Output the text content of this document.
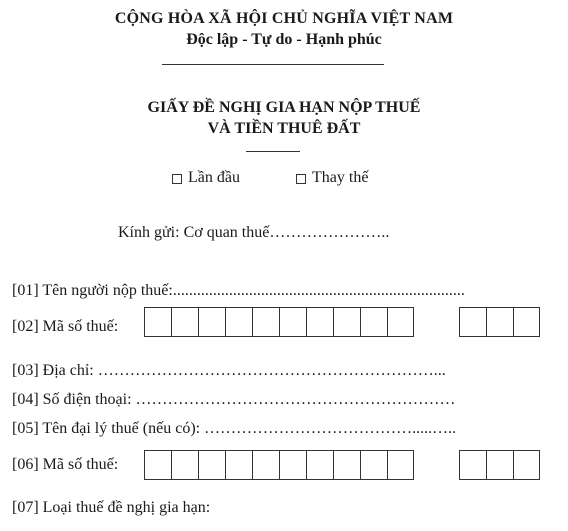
CỘNG HÒA XÃ HỘI CHỦ NGHĨA VIỆT NAM
Độc lập - Tự do - Hạnh phúc
GIẤY ĐỀ NGHỊ GIA HẠN NỘP THUẾ
VÀ TIỀN THUÊ ĐẤT
Lần đầu	Thay thế
Kính gửi: Cơ quan thuế…………………..
[01] Tên người nộp thuế:.........................................................................
[02] Mã số thuế:
[03] Địa chỉ: ………………………………………………………...
[04] Số điện thoại: ……………………………………………………
[05] Tên đại lý thuế (nếu có): ………………………………….....…..
[06] Mã số thuế:
[07] Loại thuế đề nghị gia hạn:
